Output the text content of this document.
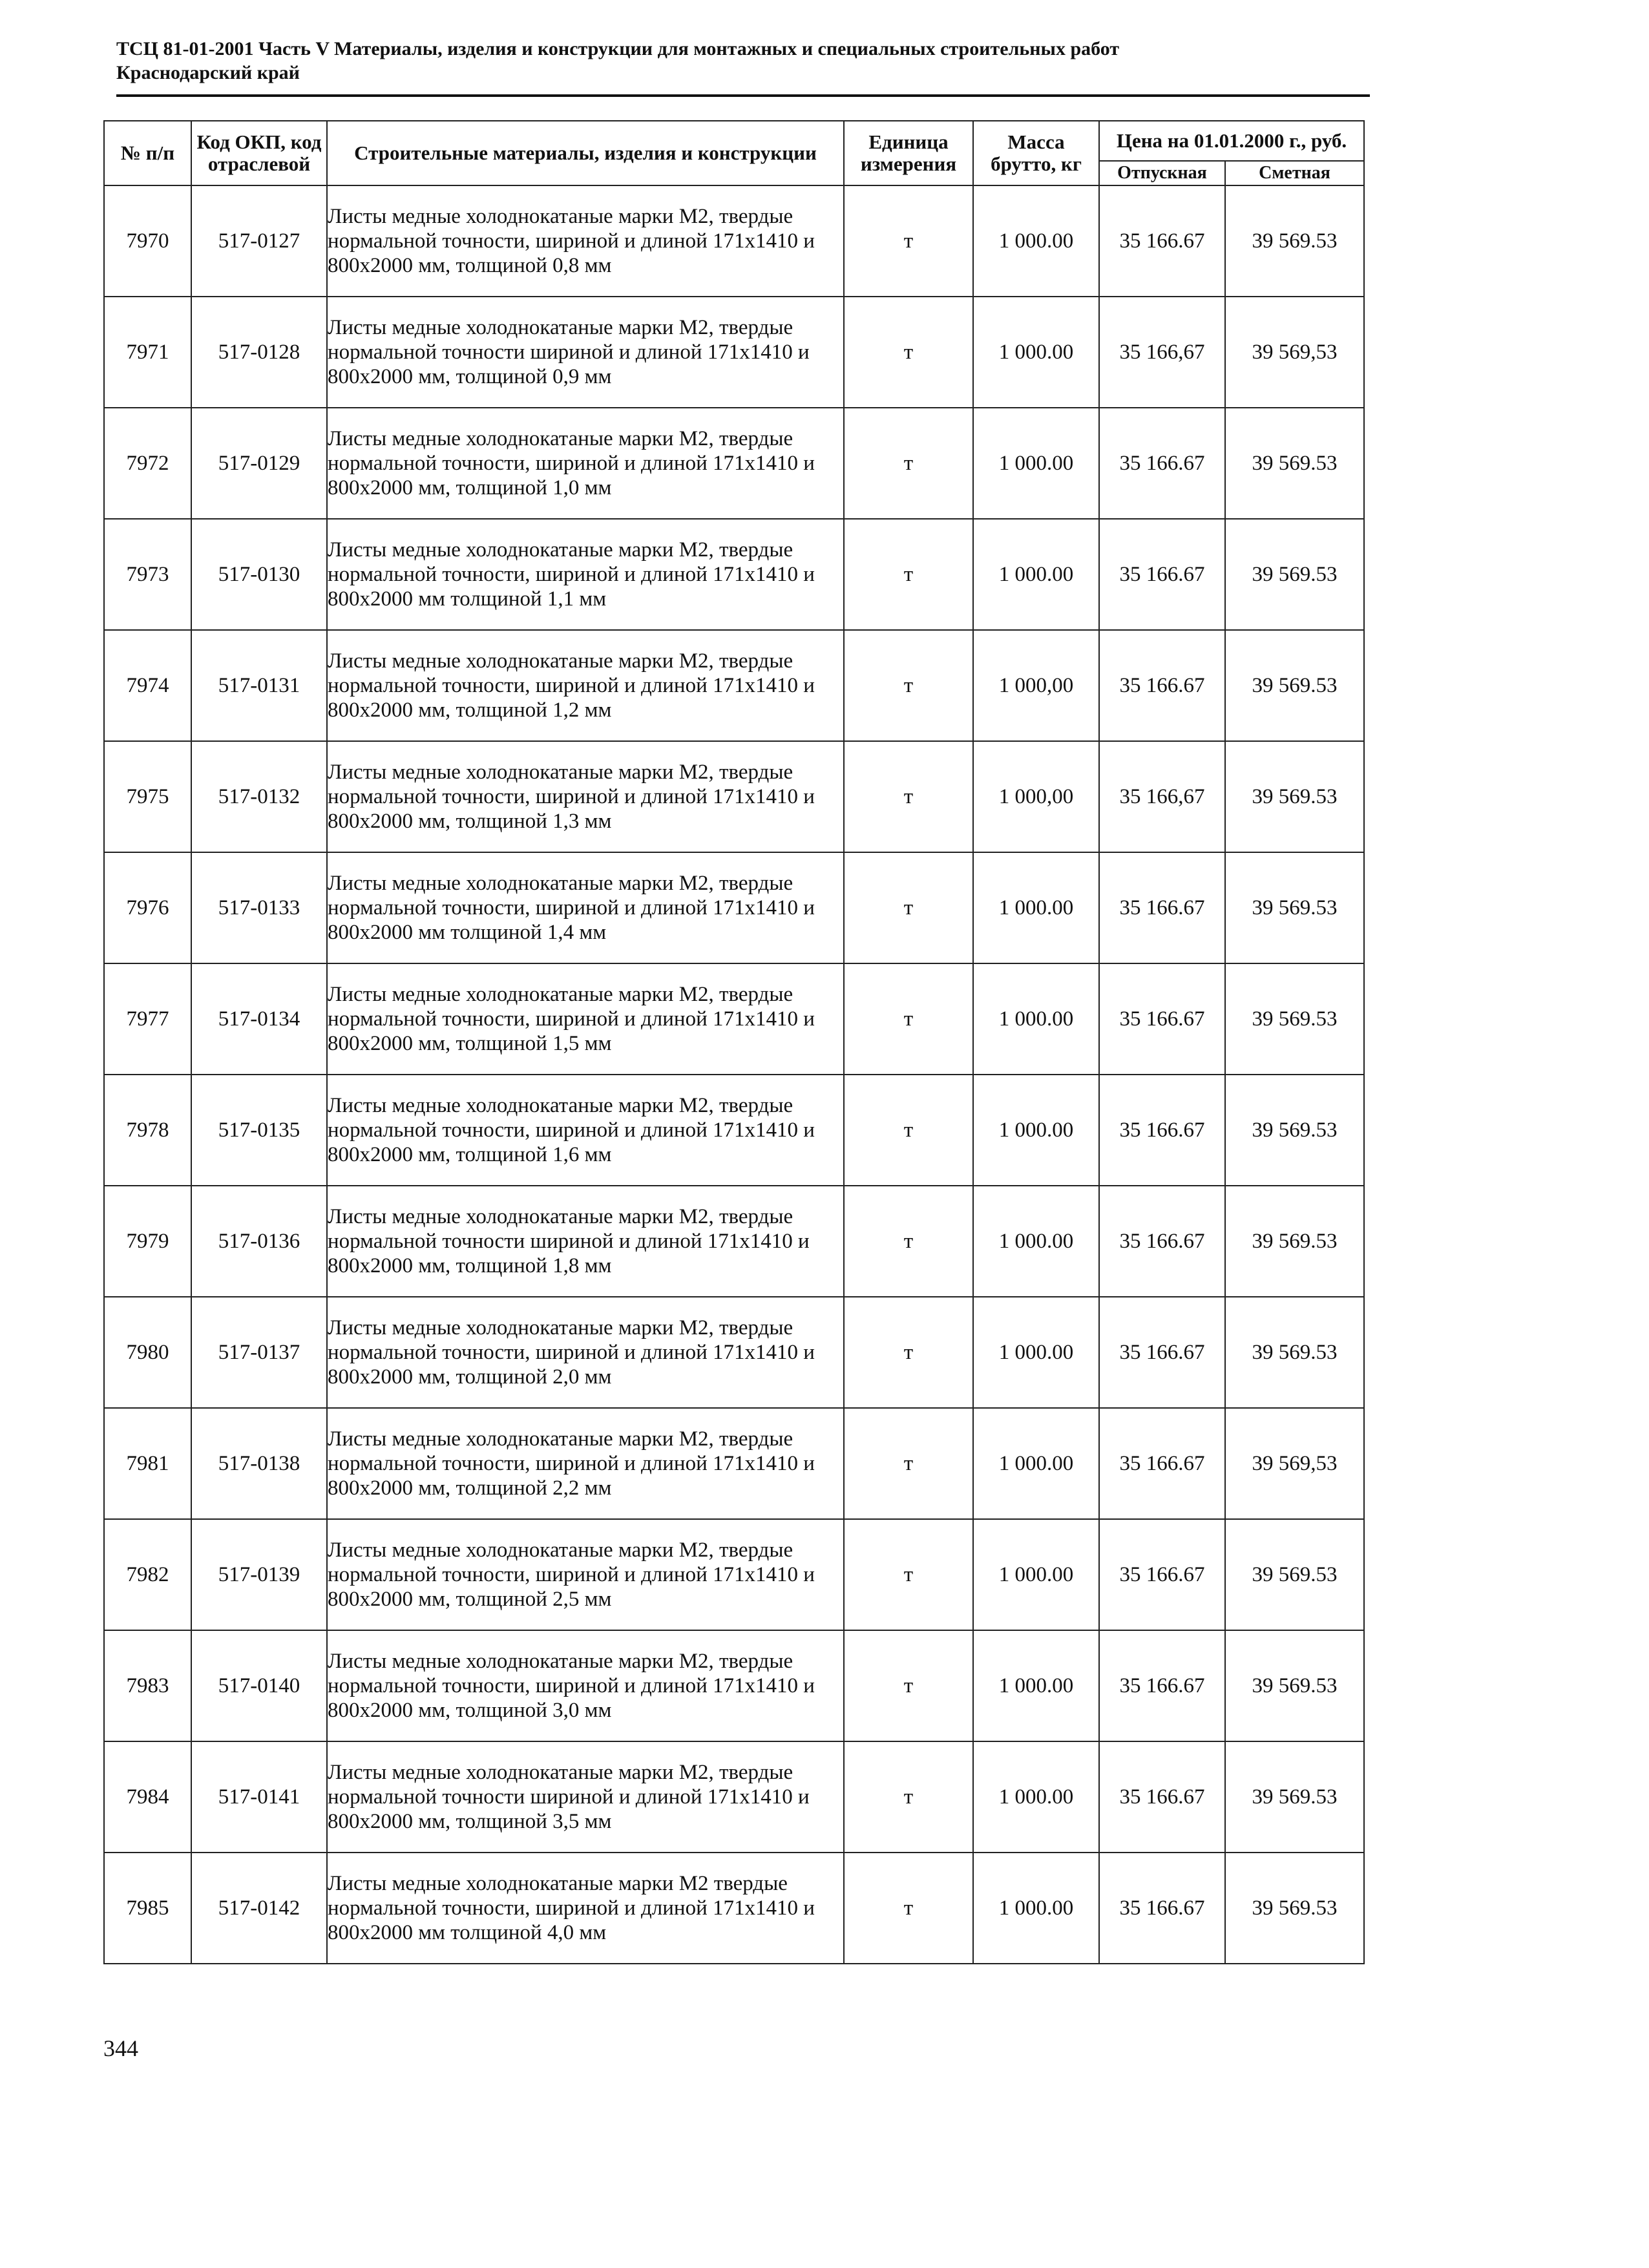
ТСЦ 81-01-2001 Часть V Материалы, изделия и конструкции для монтажных и специальных строительных работ
Краснодарский край
№ п/п	Код ОКП, код отраслевой	Строительные материалы, изделия и конструкции	Единица измерения	Масса брутто, кг	Цена на 01.01.2000 г., руб.	
					Отпускная	Сметная
7970	517-0127	Листы медные холоднокатаные марки М2, твердые нормальной точности, шириной и длиной 171х1410 и 800х2000 мм, толщиной 0,8 мм	т	1 000.00	35 166.67	39 569.53
7971	517-0128	Листы медные холоднокатаные марки М2, твердые нормальной точности шириной и длиной 171х1410 и 800х2000 мм, толщиной 0,9 мм	т	1 000.00	35 166,67	39 569,53
7972	517-0129	Листы медные холоднокатаные марки М2, твердые нормальной точности, шириной и длиной 171х1410 и 800х2000 мм, толщиной 1,0 мм	т	1 000.00	35 166.67	39 569.53
7973	517-0130	Листы медные холоднокатаные марки М2, твердые нормальной точности, шириной и длиной 171х1410 и 800х2000 мм толщиной 1,1 мм	т	1 000.00	35 166.67	39 569.53
7974	517-0131	Листы медные холоднокатаные марки М2, твердые нормальной точности, шириной и длиной 171х1410 и 800х2000 мм, толщиной 1,2 мм	т	1 000,00	35 166.67	39 569.53
7975	517-0132	Листы медные холоднокатаные марки М2, твердые нормальной точности, шириной и длиной 171х1410 и 800х2000 мм, толщиной 1,3 мм	т	1 000,00	35 166,67	39 569.53
7976	517-0133	Листы медные холоднокатаные марки М2, твердые нормальной точности, шириной и длиной 171х1410 и 800х2000 мм толщиной 1,4 мм	т	1 000.00	35 166.67	39 569.53
7977	517-0134	Листы медные холоднокатаные марки М2, твердые нормальной точности, шириной и длиной 171х1410 и 800х2000 мм, толщиной 1,5 мм	т	1 000.00	35 166.67	39 569.53
7978	517-0135	Листы медные холоднокатаные марки М2, твердые нормальной точности, шириной и длиной 171х1410 и 800х2000 мм, толщиной 1,6 мм	т	1 000.00	35 166.67	39 569.53
7979	517-0136	Листы медные холоднокатаные марки М2, твердые нормальной точности шириной и длиной 171х1410 и 800х2000 мм, толщиной 1,8 мм	т	1 000.00	35 166.67	39 569.53
7980	517-0137	Листы медные холоднокатаные марки М2, твердые нормальной точности, шириной и длиной 171х1410 и 800х2000 мм, толщиной 2,0 мм	т	1 000.00	35 166.67	39 569.53
7981	517-0138	Листы медные холоднокатаные марки М2, твердые нормальной точности, шириной и длиной 171х1410 и 800х2000 мм, толщиной 2,2 мм	т	1 000.00	35 166.67	39 569,53
7982	517-0139	Листы медные холоднокатаные марки М2, твердые нормальной точности, шириной и длиной 171х1410 и 800х2000 мм, толщиной 2,5 мм	т	1 000.00	35 166.67	39 569.53
7983	517-0140	Листы медные холоднокатаные марки М2, твердые нормальной точности, шириной и длиной 171х1410 и 800х2000 мм, толщиной 3,0 мм	т	1 000.00	35 166.67	39 569.53
7984	517-0141	Листы медные холоднокатаные марки М2, твердые нормальной точности шириной и длиной 171х1410 и 800х2000 мм, толщиной 3,5 мм	т	1 000.00	35 166.67	39 569.53
7985	517-0142	Листы медные холоднокатаные марки М2 твердые нормальной точности, шириной и длиной 171х1410 и 800х2000 мм толщиной 4,0 мм	т	1 000.00	35 166.67	39 569.53
344
